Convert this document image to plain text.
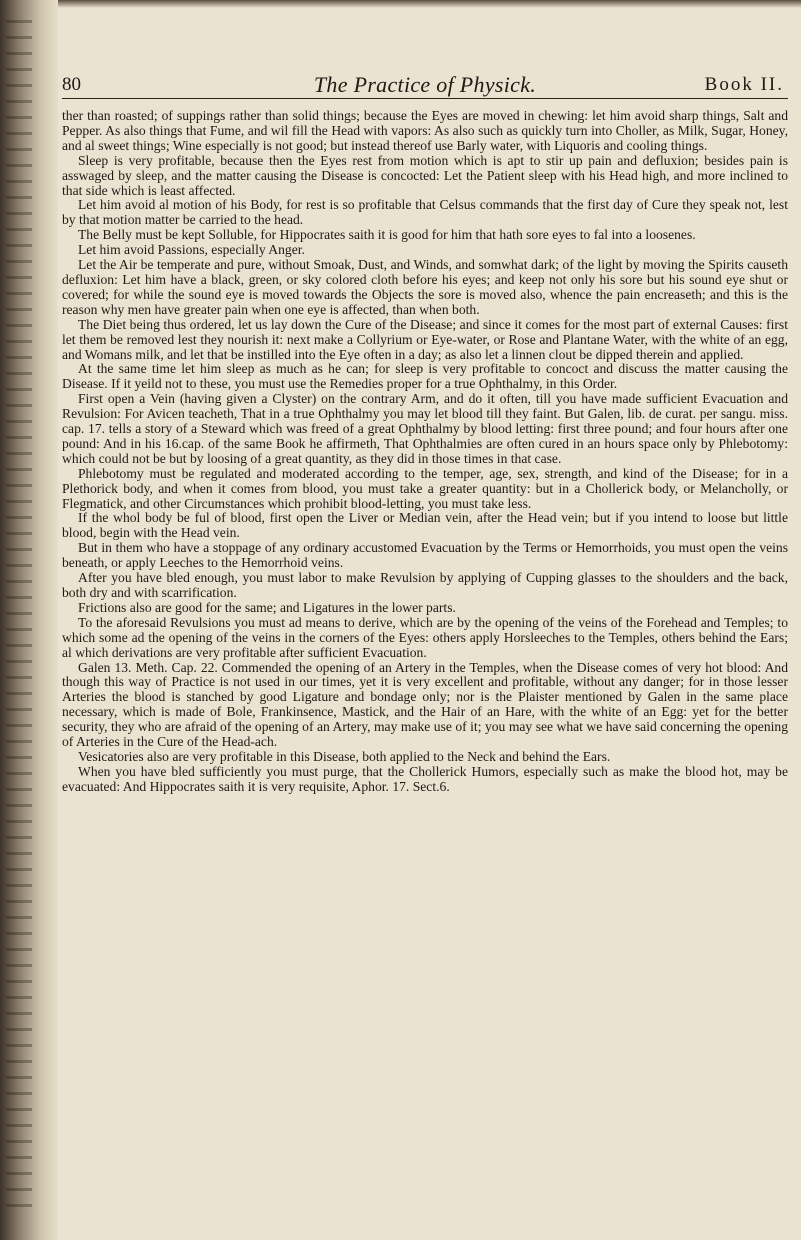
80	The Practice of Physick.	Book II.

ther than roasted; of suppings rather than solid things; because the Eyes are moved in chewing: let him avoid sharp things, Salt and Pepper. As also things that Fume, and wil fill the Head with vapors: As also such as quickly turn into Choller, as Milk, Sugar, Honey, and al sweet things; Wine especially is not good; but instead thereof use Barly water, with Liquoris and cooling things.

Sleep is very profitable, because then the Eyes rest from motion which is apt to stir up pain and defluxion; besides pain is asswaged by sleep, and the matter causing the Disease is concocted: Let the Patient sleep with his Head high, and more inclined to that side which is least affected.

Let him avoid al motion of his Body, for rest is so profitable that Celsus commands that the first day of Cure they speak not, lest by that motion matter be carried to the head.

The Belly must be kept Solluble, for Hippocrates saith it is good for him that hath sore eyes to fal into a loosenes.

Let him avoid Passions, especially Anger.

Let the Air be temperate and pure, without Smoak, Dust, and Winds, and somwhat dark; of the light by moving the Spirits causeth defluxion: Let him have a black, green, or sky colored cloth before his eyes; and keep not only his sore but his sound eye shut or covered; for while the sound eye is moved towards the Objects the sore is moved also, whence the pain encreaseth; and this is the reason why men have greater pain when one eye is affected, than when both.

The Diet being thus ordered, let us lay down the Cure of the Disease; and since it comes for the most part of external Causes: first let them be removed lest they nourish it: next make a Collyrium or Eye-water, or Rose and Plantane Water, with the white of an egg, and Womans milk, and let that be instilled into the Eye often in a day; as also let a linnen clout be dipped therein and applied.

At the same time let him sleep as much as he can; for sleep is very profitable to concoct and discuss the matter causing the Disease. If it yeild not to these, you must use the Remedies proper for a true Ophthalmy, in this Order.

First open a Vein (having given a Clyster) on the contrary Arm, and do it often, till you have made sufficient Evacuation and Revulsion: For Avicen teacheth, That in a true Ophthalmy you may let blood till they faint. But Galen, lib. de curat. per sangu. miss. cap. 17. tells a story of a Steward which was freed of a great Ophthalmy by blood letting: first three pound; and four hours after one pound: And in his 16.cap. of the same Book he affirmeth, That Ophthalmies are often cured in an hours space only by Phlebotomy: which could not be but by loosing of a great quantity, as they did in those times in that case.

Phlebotomy must be regulated and moderated according to the temper, age, sex, strength, and kind of the Disease; for in a Plethorick body, and when it comes from blood, you must take a greater quantity: but in a Chollerick body, or Melancholly, or Flegmatick, and other Circumstances which prohibit blood-letting, you must take less.

If the whol body be ful of blood, first open the Liver or Median vein, after the Head vein; but if you intend to loose but little blood, begin with the Head vein.

But in them who have a stoppage of any ordinary accustomed Evacuation by the Terms or Hemorrhoids, you must open the veins beneath, or apply Leeches to the Hemorrhoid veins.

After you have bled enough, you must labor to make Revulsion by applying of Cupping glasses to the shoulders and the back, both dry and with scarrification.

Frictions also are good for the same; and Ligatures in the lower parts.

To the aforesaid Revulsions you must ad means to derive, which are by the opening of the veins of the Forehead and Temples; to which some ad the opening of the veins in the corners of the Eyes: others apply Horsleeches to the Temples, others behind the Ears; al which derivations are very profitable after sufficient Evacuation.

Galen 13. Meth. Cap. 22. Commended the opening of an Artery in the Temples, when the Disease comes of very hot blood: And though this way of Practice is not used in our times, yet it is very excellent and profitable, without any danger; for in those lesser Arteries the blood is stanched by good Ligature and bondage only; nor is the Plaister mentioned by Galen in the same place necessary, which is made of Bole, Frankinsence, Mastick, and the Hair of an Hare, with the white of an Egg: yet for the better security, they who are afraid of the opening of an Artery, may make use of it; you may see what we have said concerning the opening of Arteries in the Cure of the Head-ach.

Vesicatories also are very profitable in this Disease, both applied to the Neck and behind the Ears.

When you have bled sufficiently you must purge, that the Chollerick Humors, especially such as make the blood hot, may be evacuated: And Hippocrates saith it is very requisite, Aphor. 17. Sect.6.
